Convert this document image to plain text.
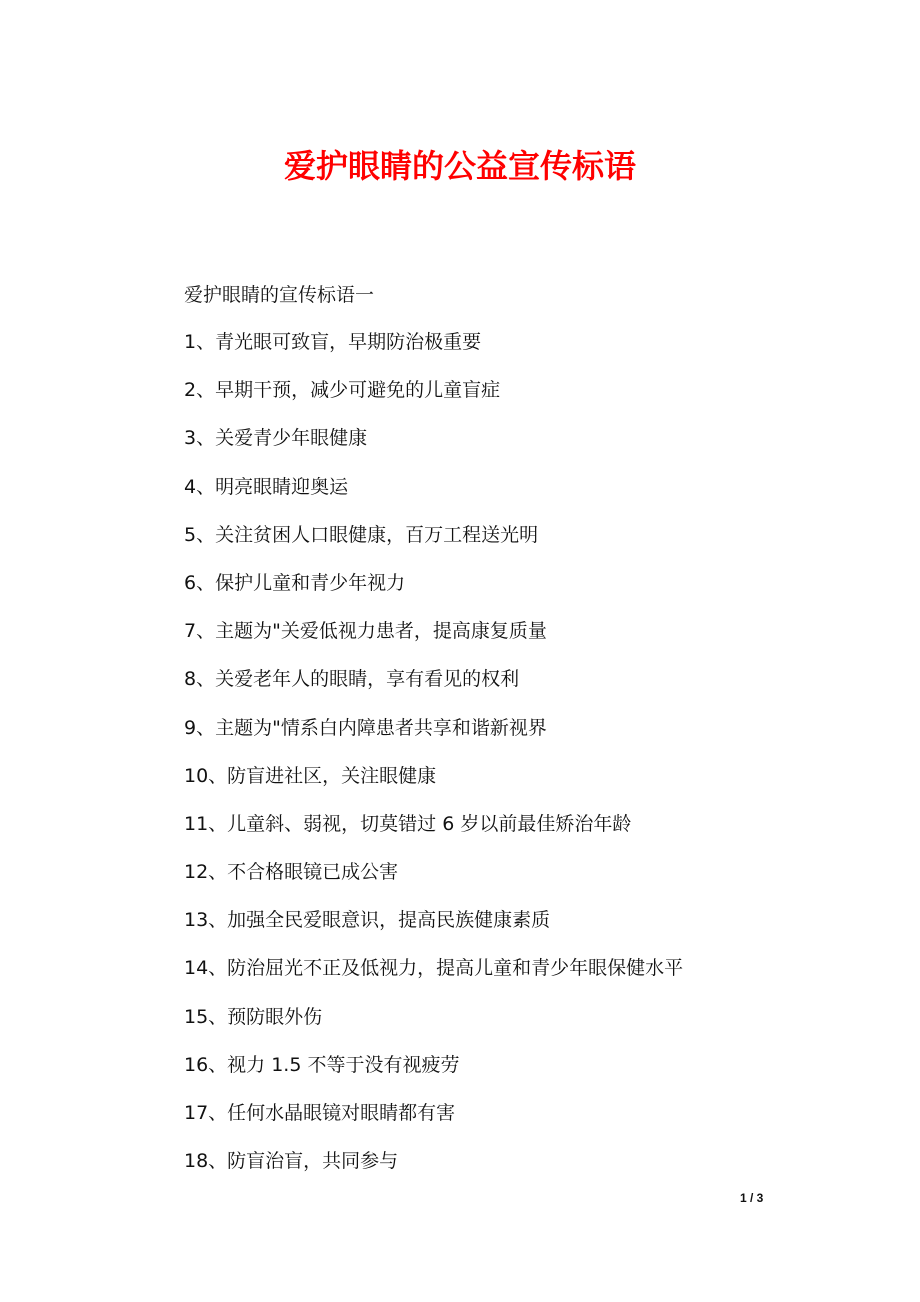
爱护眼睛的公益宣传标语

爱护眼睛的宣传标语一

1、青光眼可致盲，早期防治极重要
2、早期干预，减少可避免的儿童盲症
3、关爱青少年眼健康
4、明亮眼睛迎奥运
5、关注贫困人口眼健康，百万工程送光明
6、保护儿童和青少年视力
7、主题为"关爱低视力患者，提高康复质量
8、关爱老年人的眼睛，享有看见的权利
9、主题为"情系白内障患者共享和谐新视界
10、防盲进社区，关注眼健康
11、儿童斜、弱视，切莫错过 6 岁以前最佳矫治年龄
12、不合格眼镜已成公害
13、加强全民爱眼意识，提高民族健康素质
14、防治屈光不正及低视力，提高儿童和青少年眼保健水平
15、预防眼外伤
16、视力 1.5 不等于没有视疲劳
17、任何水晶眼镜对眼睛都有害
18、防盲治盲，共同参与
1 / 3
